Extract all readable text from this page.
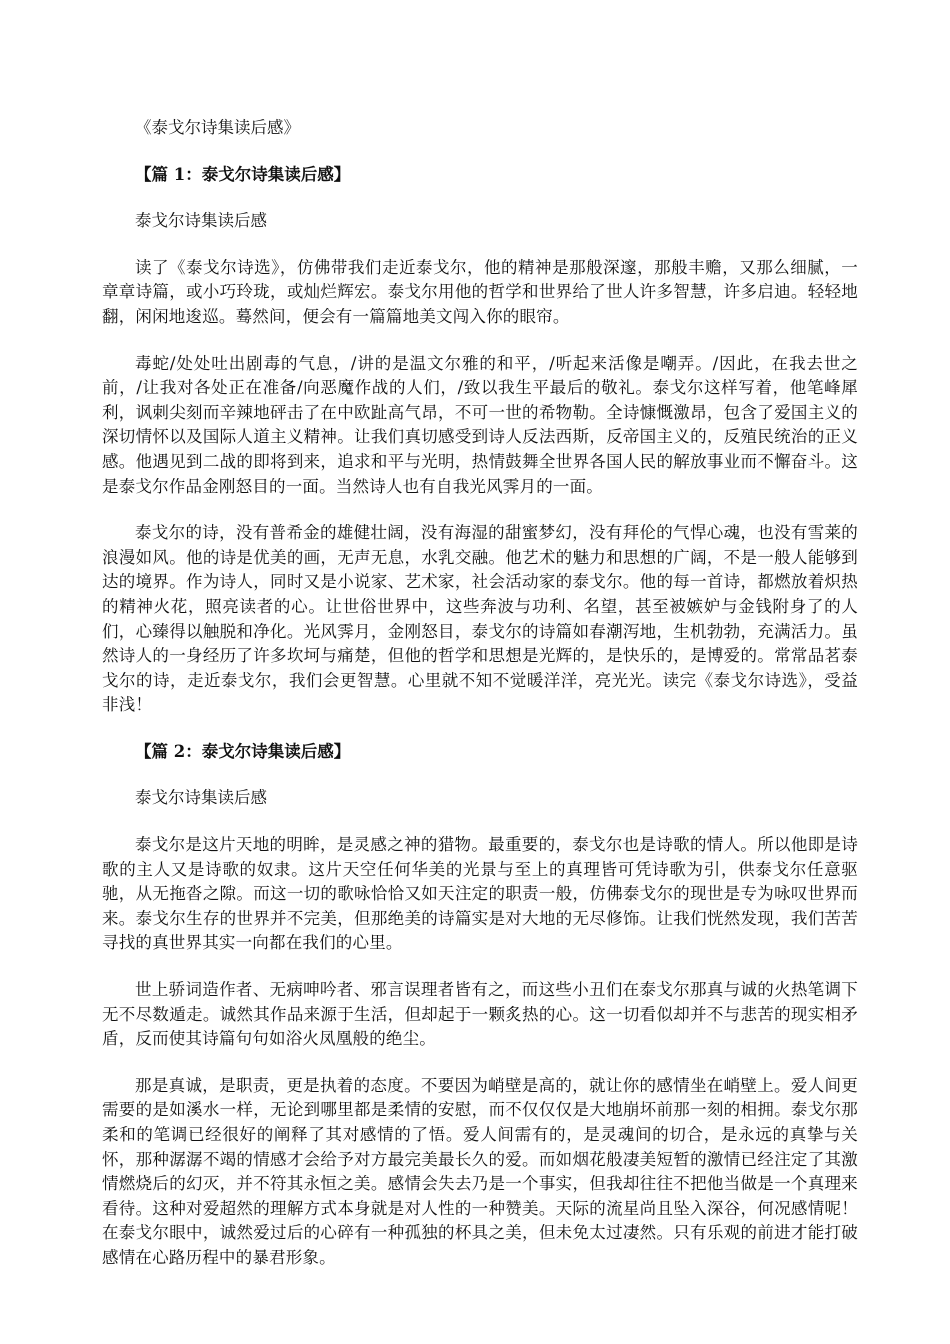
《泰戈尔诗集读后感》

【篇 1：泰戈尔诗集读后感】

泰戈尔诗集读后感

读了《泰戈尔诗选》，仿佛带我们走近泰戈尔，他的精神是那般深邃，那般丰赡，又那么细腻，一章章诗篇，或小巧玲珑，或灿烂辉宏。泰戈尔用他的哲学和世界给了世人许多智慧，许多启迪。轻轻地翻，闲闲地逡巡。蓦然间，便会有一篇篇地美文闯入你的眼帘。

毒蛇/处处吐出剧毒的气息，/讲的是温文尔雅的和平，/听起来活像是嘲弄。/因此，在我去世之前，/让我对各处正在准备/向恶魔作战的人们，/致以我生平最后的敬礼。泰戈尔这样写着，他笔峰犀利，讽刺尖刻而辛辣地砰击了在中欧趾高气昂，不可一世的希物勒。全诗慷慨激昂，包含了爱国主义的深切情怀以及国际人道主义精神。让我们真切感受到诗人反法西斯，反帝国主义的，反殖民统治的正义感。他遇见到二战的即将到来，追求和平与光明，热情鼓舞全世界各国人民的解放事业而不懈奋斗。这是泰戈尔作品金刚怒目的一面。当然诗人也有自我光风霁月的一面。

泰戈尔的诗，没有普希金的雄健壮阔，没有海湿的甜蜜梦幻，没有拜伦的气悍心魂，也没有雪莱的浪漫如风。他的诗是优美的画，无声无息，水乳交融。他艺术的魅力和思想的广阔，不是一般人能够到达的境界。作为诗人，同时又是小说家、艺术家，社会活动家的泰戈尔。他的每一首诗，都燃放着炽热的精神火花，照亮读者的心。让世俗世界中，这些奔波与功利、名望，甚至被嫉妒与金钱附身了的人们，心臻得以触脱和净化。光风霁月，金刚怒目，泰戈尔的诗篇如春潮泻地，生机勃勃，充满活力。虽然诗人的一身经历了许多坎坷与痛楚，但他的哲学和思想是光辉的，是快乐的，是博爱的。常常品茗泰戈尔的诗，走近泰戈尔，我们会更智慧。心里就不知不觉暖洋洋，亮光光。读完《泰戈尔诗选》，受益非浅！

【篇 2：泰戈尔诗集读后感】

泰戈尔诗集读后感

泰戈尔是这片天地的明眸，是灵感之神的猎物。最重要的，泰戈尔也是诗歌的情人。所以他即是诗歌的主人又是诗歌的奴隶。这片天空任何华美的光景与至上的真理皆可凭诗歌为引，供泰戈尔任意驱驰，从无拖沓之隙。而这一切的歌咏恰恰又如天注定的职责一般，仿佛泰戈尔的现世是专为咏叹世界而来。泰戈尔生存的世界并不完美，但那绝美的诗篇实是对大地的无尽修饰。让我们恍然发现，我们苦苦寻找的真世界其实一向都在我们的心里。

世上骄词造作者、无病呻吟者、邪言误理者皆有之，而这些小丑们在泰戈尔那真与诚的火热笔调下无不尽数遁走。诚然其作品来源于生活，但却起于一颗炙热的心。这一切看似却并不与悲苦的现实相矛盾，反而使其诗篇句句如浴火凤凰般的绝尘。

那是真诚，是职责，更是执着的态度。不要因为峭壁是高的，就让你的感情坐在峭壁上。爱人间更需要的是如溪水一样，无论到哪里都是柔情的安慰，而不仅仅仅是大地崩坏前那一刻的相拥。泰戈尔那柔和的笔调已经很好的阐释了其对感情的了悟。爱人间需有的，是灵魂间的切合，是永远的真挚与关怀，那种潺潺不竭的情感才会给予对方最完美最长久的爱。而如烟花般凄美短暂的激情已经注定了其激情燃烧后的幻灭，并不符其永恒之美。感情会失去乃是一个事实，但我却往往不把他当做是一个真理来看待。这种对爱超然的理解方式本身就是对人性的一种赞美。天际的流星尚且坠入深谷，何况感情呢！在泰戈尔眼中，诚然爱过后的心碎有一种孤独的杯具之美，但未免太过凄然。只有乐观的前进才能打破感情在心路历程中的暴君形象。
